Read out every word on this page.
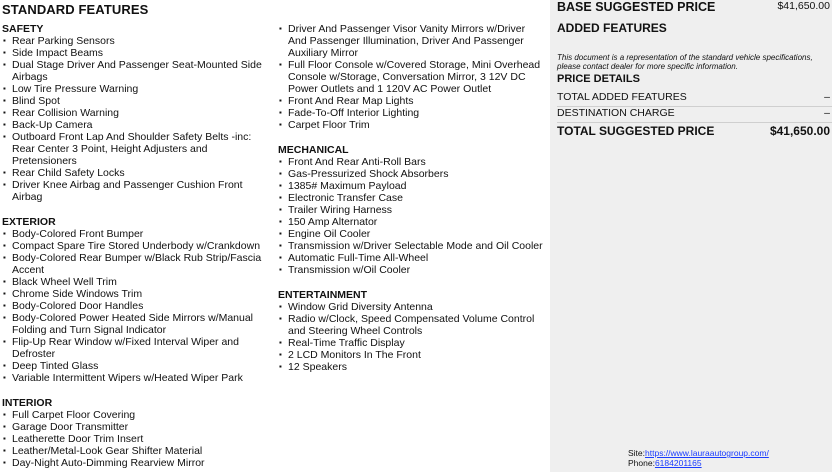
STANDARD FEATURES
SAFETY
▪ Rear Parking Sensors
▪ Side Impact Beams
▪ Dual Stage Driver And Passenger Seat-Mounted Side Airbags
▪ Low Tire Pressure Warning
▪ Blind Spot
▪ Rear Collision Warning
▪ Back-Up Camera
▪ Outboard Front Lap And Shoulder Safety Belts -inc: Rear Center 3 Point, Height Adjusters and Pretensioners
▪ Rear Child Safety Locks
▪ Driver Knee Airbag and Passenger Cushion Front Airbag
EXTERIOR
▪ Body-Colored Front Bumper
▪ Compact Spare Tire Stored Underbody w/Crankdown
▪ Body-Colored Rear Bumper w/Black Rub Strip/Fascia Accent
▪ Black Wheel Well Trim
▪ Chrome Side Windows Trim
▪ Body-Colored Door Handles
▪ Body-Colored Power Heated Side Mirrors w/Manual Folding and Turn Signal Indicator
▪ Flip-Up Rear Window w/Fixed Interval Wiper and Defroster
▪ Deep Tinted Glass
▪ Variable Intermittent Wipers w/Heated Wiper Park
INTERIOR
▪ Full Carpet Floor Covering
▪ Garage Door Transmitter
▪ Leatherette Door Trim Insert
▪ Leather/Metal-Look Gear Shifter Material
▪ Day-Night Auto-Dimming Rearview Mirror
▪ Driver And Passenger Visor Vanity Mirrors w/Driver And Passenger Illumination, Driver And Passenger Auxiliary Mirror
▪ Full Floor Console w/Covered Storage, Mini Overhead Console w/Storage, Conversation Mirror, 3 12V DC Power Outlets and 1 120V AC Power Outlet
▪ Front And Rear Map Lights
▪ Fade-To-Off Interior Lighting
▪ Carpet Floor Trim
MECHANICAL
▪ Front And Rear Anti-Roll Bars
▪ Gas-Pressurized Shock Absorbers
▪ 1385# Maximum Payload
▪ Electronic Transfer Case
▪ Trailer Wiring Harness
▪ 150 Amp Alternator
▪ Engine Oil Cooler
▪ Transmission w/Driver Selectable Mode and Oil Cooler
▪ Automatic Full-Time All-Wheel
▪ Transmission w/Oil Cooler
ENTERTAINMENT
▪ Window Grid Diversity Antenna
▪ Radio w/Clock, Speed Compensated Volume Control and Steering Wheel Controls
▪ Real-Time Traffic Display
▪ 2 LCD Monitors In The Front
▪ 12 Speakers
BASE SUGGESTED PRICE	$41,650.00
ADDED FEATURES
This document is a representation of the standard vehicle specifications, please contact dealer for more specific information.
PRICE DETAILS
TOTAL ADDED FEATURES	–
DESTINATION CHARGE	–
TOTAL SUGGESTED PRICE	$41,650.00
Site:https://www.lauraautogroup.com/
Phone:6184201165
